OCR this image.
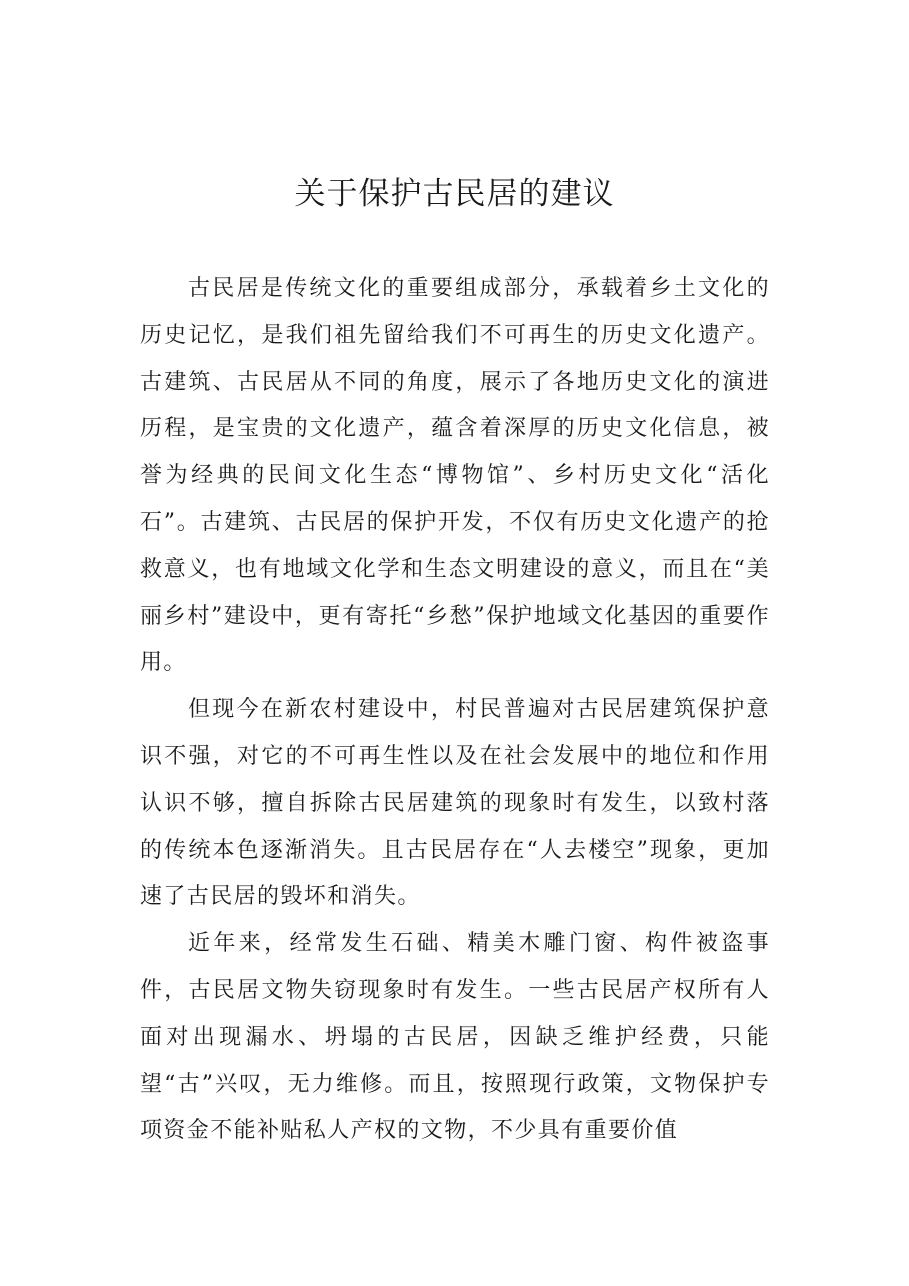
关于保护古民居的建议

古民居是传统文化的重要组成部分，承载着乡土文化的历史记忆，是我们祖先留给我们不可再生的历史文化遗产。古建筑、古民居从不同的角度，展示了各地历史文化的演进历程，是宝贵的文化遗产，蕴含着深厚的历史文化信息，被誉为经典的民间文化生态“博物馆”、乡村历史文化“活化石”。古建筑、古民居的保护开发，不仅有历史文化遗产的抢救意义，也有地域文化学和生态文明建设的意义，而且在“美丽乡村”建设中，更有寄托“乡愁”保护地域文化基因的重要作用。

但现今在新农村建设中，村民普遍对古民居建筑保护意识不强，对它的不可再生性以及在社会发展中的地位和作用认识不够，擅自拆除古民居建筑的现象时有发生，以致村落的传统本色逐渐消失。且古民居存在“人去楼空”现象，更加速了古民居的毁坏和消失。

近年来，经常发生石础、精美木雕门窗、构件被盗事件，古民居文物失窃现象时有发生。一些古民居产权所有人面对出现漏水、坍塌的古民居，因缺乏维护经费，只能望“古”兴叹，无力维修。而且，按照现行政策，文物保护专项资金不能补贴私人产权的文物，不少具有重要价值
